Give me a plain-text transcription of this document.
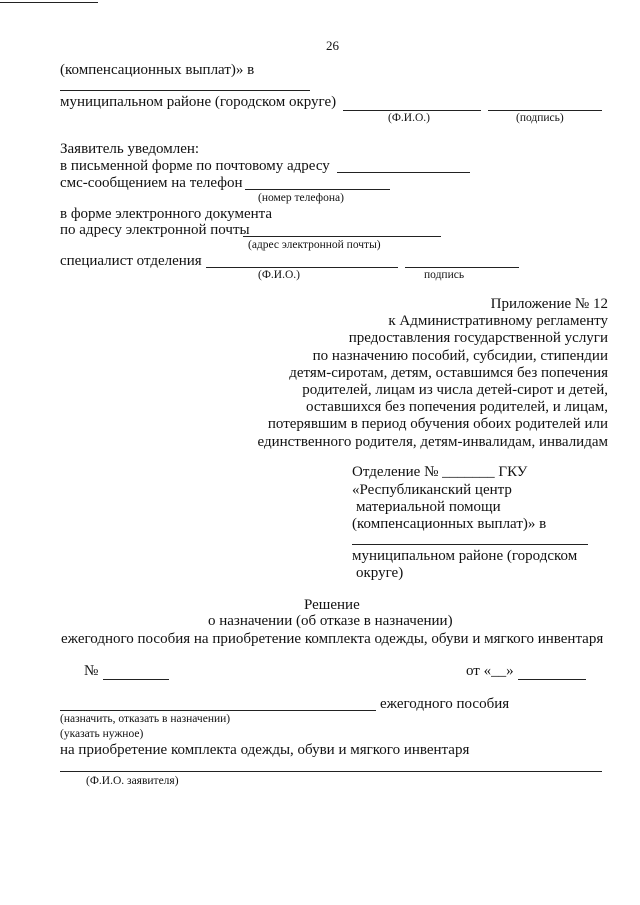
26
(компенсационных выплат)» в
муниципальном районе (городском округе)
(Ф.И.О.)	(подпись)
Заявитель уведомлен:
в письменной форме по почтовому адресу
смс-сообщением на телефон
(номер телефона)
в форме электронного документа
по адресу электронной почты
(адрес электронной почты)
специалист отделения
(Ф.И.О.)	подпись
Приложение № 12
к Административному регламенту
предоставления государственной услуги
по назначению пособий, субсидии, стипендии
детям-сиротам, детям, оставшимся без попечения
родителей, лицам из числа детей-сирот и детей,
оставшихся без попечения родителей, и лицам,
потерявшим в период обучения обоих родителей или
единственного родителя, детям-инвалидам, инвалидам
Отделение № _______ ГКУ
«Республиканский центр
материальной помощи
(компенсационных выплат)» в
муниципальном районе (городском
округе)
Решение
о назначении (об отказе в назначении)
ежегодного пособия на приобретение комплекта одежды, обуви и мягкого инвентаря
№	от «__»
ежегодного пособия
(назначить, отказать в назначении)
(указать нужное)
на приобретение комплекта одежды, обуви и мягкого инвентаря
(Ф.И.О. заявителя)
